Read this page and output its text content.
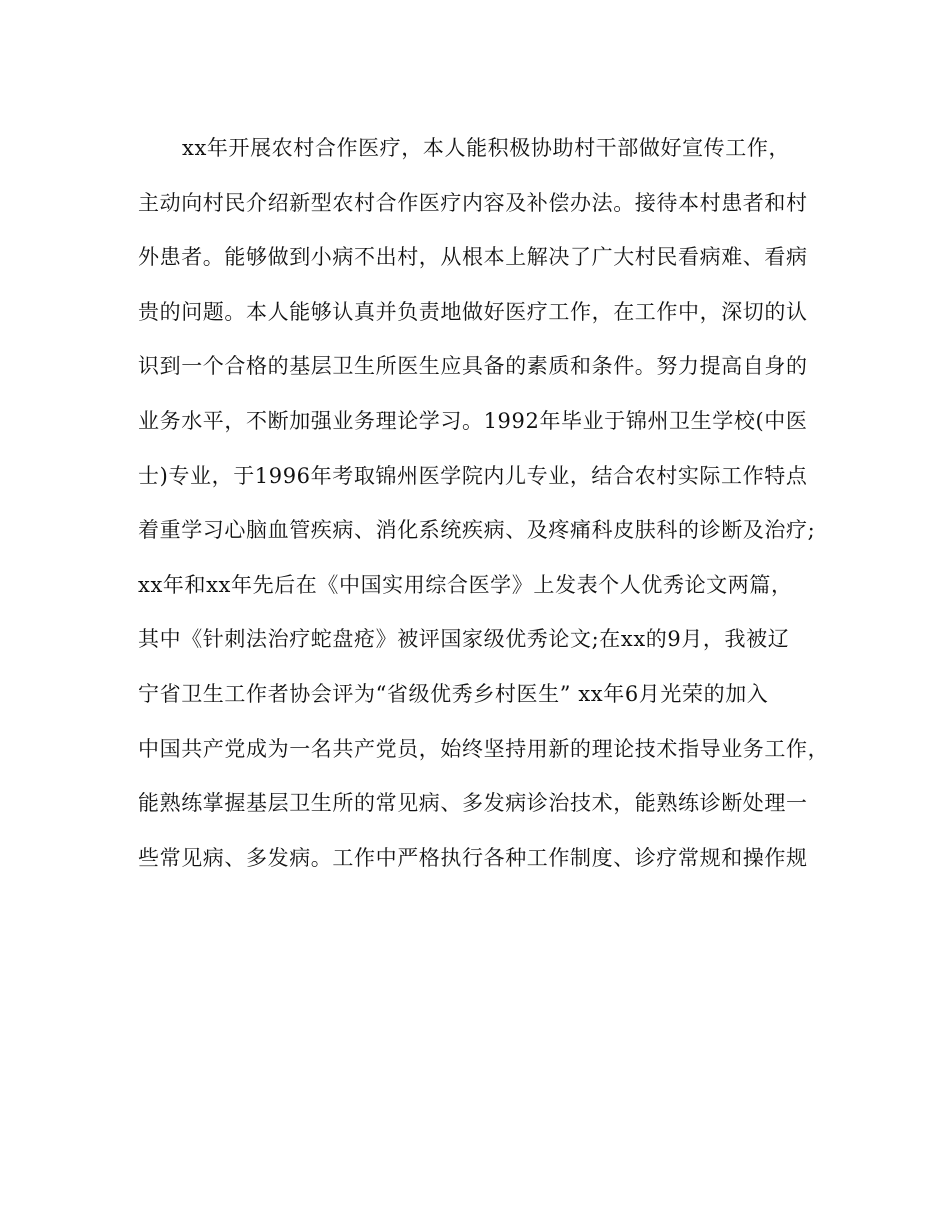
xx年开展农村合作医疗，本人能积极协助村干部做好宣传工作，
主动向村民介绍新型农村合作医疗内容及补偿办法。接待本村患者和村
外患者。能够做到小病不出村，从根本上解决了广大村民看病难、看病
贵的问题。本人能够认真并负责地做好医疗工作，在工作中，深切的认
识到一个合格的基层卫生所医生应具备的素质和条件。努力提高自身的
业务水平，不断加强业务理论学习。1992年毕业于锦州卫生学校(中医
士)专业，于1996年考取锦州医学院内儿专业，结合农村实际工作特点
着重学习心脑血管疾病、消化系统疾病、及疼痛科皮肤科的诊断及治疗;
xx年和xx年先后在《中国实用综合医学》上发表个人优秀论文两篇，
其中《针刺法治疗蛇盘疮》被评国家级优秀论文;在xx的9月，我被辽
宁省卫生工作者协会评为“省级优秀乡村医生” xx年6月光荣的加入
中国共产党成为一名共产党员，始终坚持用新的理论技术指导业务工作，
能熟练掌握基层卫生所的常见病、多发病诊治技术，能熟练诊断处理一
些常见病、多发病。工作中严格执行各种工作制度、诊疗常规和操作规
